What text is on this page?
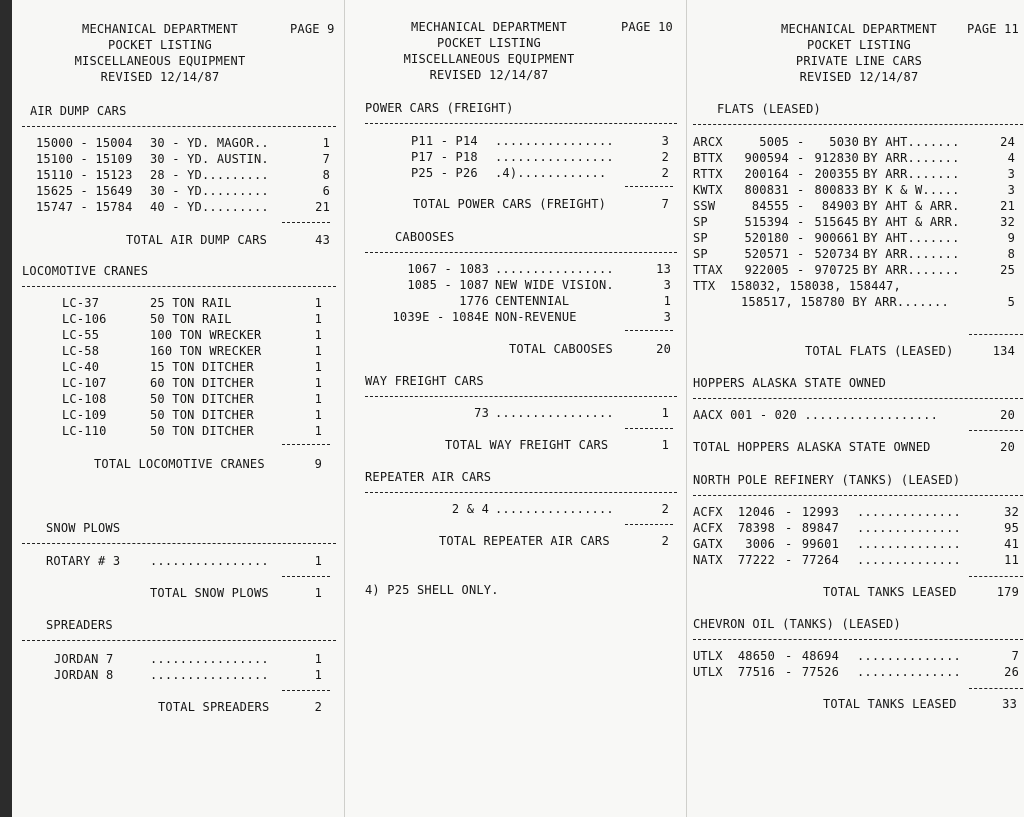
MECHANICAL DEPARTMENT	PAGE 9
POCKET LISTING
MISCELLANEOUS EQUIPMENT
REVISED 12/14/87
AIR DUMP CARS
15000 - 15004 30 - YD. MAGOR..	1
15100 - 15109 30 - YD. AUSTIN.	7
15110 - 15123 28 - YD.........	8
15625 - 15649 30 - YD.........	6
15747 - 15784 40 - YD.........	21
TOTAL AIR DUMP CARS	43
LOCOMOTIVE CRANES
LC-37	25 TON RAIL	1
LC-106	50 TON RAIL	1
LC-55	100 TON WRECKER	1
LC-58	160 TON WRECKER	1
LC-40	15 TON DITCHER	1
LC-107	60 TON DITCHER	1
LC-108	50 TON DITCHER	1
LC-109	50 TON DITCHER	1
LC-110	50 TON DITCHER	1
TOTAL LOCOMOTIVE CRANES	9
SNOW PLOWS
ROTARY # 3 ................	1
TOTAL SNOW PLOWS	1
SPREADERS
JORDAN 7	................	1
JORDAN 8	................	1
TOTAL SPREADERS	2
MECHANICAL DEPARTMENT	PAGE 10
POCKET LISTING
MISCELLANEOUS EQUIPMENT
REVISED 12/14/87
POWER CARS (FREIGHT)
P11 - P14 ................	3
P17 - P18 ................	2
P25 - P26 .4)............	2
TOTAL POWER CARS (FREIGHT)	7
CABOOSES
1067 - 1083 ................	13
1085 - 1087 NEW WIDE VISION.	3
1776 CENTENNIAL	1
1039E - 1084E NON-REVENUE	3
TOTAL CABOOSES	20
WAY FREIGHT CARS
73 ................	1
TOTAL WAY FREIGHT CARS	1
REPEATER AIR CARS
2 & 4 ................	2
TOTAL REPEATER AIR CARS	2
4) P25 SHELL ONLY.
MECHANICAL DEPARTMENT	PAGE 11
POCKET LISTING
PRIVATE LINE CARS
REVISED 12/14/87
FLATS (LEASED)
ARCX	5005 -	5030 BY AHT.......	24
BTTX	900594 - 912830 BY ARR.......	4
RTTX	200164 - 200355 BY ARR.......	3
KWTX	800831 - 800833 BY K & W.....	3
SSW	84555 -	84903 BY AHT & ARR.	21
SP	515394 - 515645 BY AHT & ARR.	32
SP	520180 - 900661 BY AHT.......	9
SP	520571 - 520734 BY ARR.......	8
TTAX	922005 - 970725 BY ARR.......	25
TTX  158032, 158038, 158447,
158517, 158780 BY ARR.......	5
TOTAL FLATS (LEASED)	134
HOPPERS ALASKA STATE OWNED
AACX 001 - 020 ..................	20
TOTAL HOPPERS ALASKA STATE OWNED	20
NORTH POLE REFINERY (TANKS) (LEASED)
ACFX	12046 - 12993 ..............	32
ACFX	78398 - 89847 ..............	95
GATX	3006 - 99601 ..............	41
NATX	77222 - 77264 ..............	11
TOTAL TANKS LEASED	179
CHEVRON OIL (TANKS) (LEASED)
UTLX	48650 - 48694 ..............	7
UTLX	77516 - 77526 ..............	26
TOTAL TANKS LEASED	33
